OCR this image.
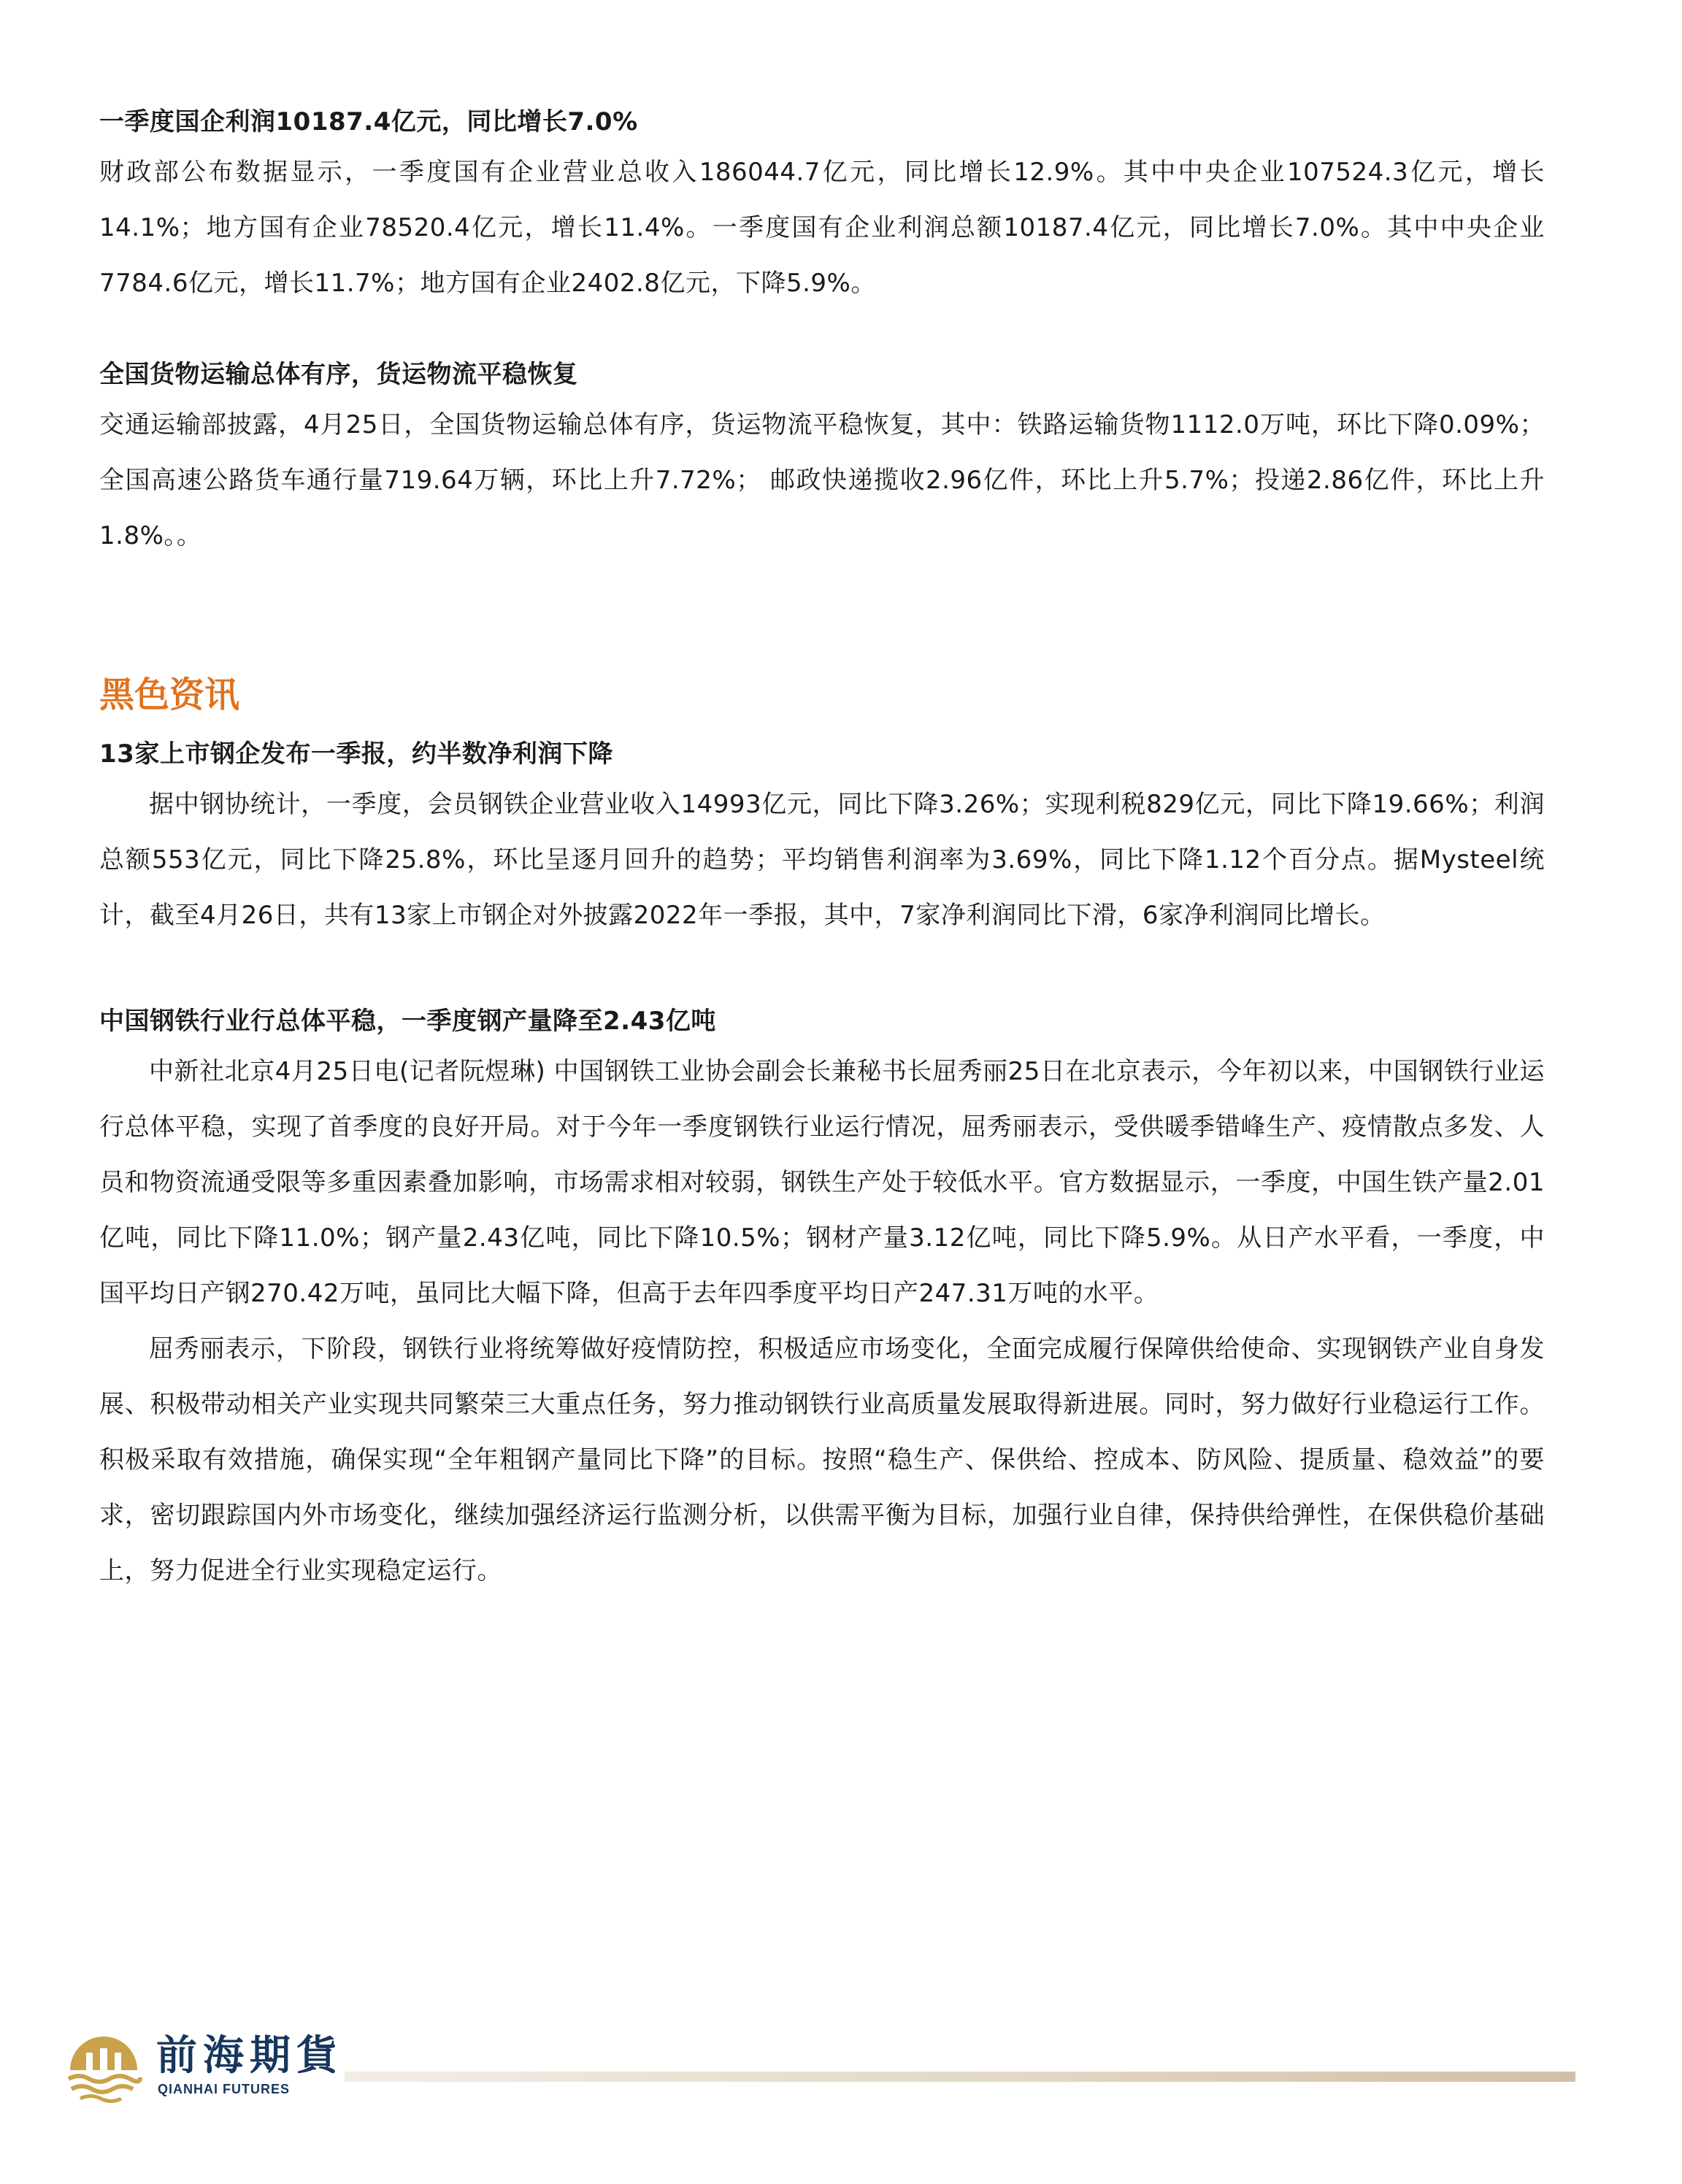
一季度国企利润10187.4亿元，同比增长7.0%

财政部公布数据显示，一季度国有企业营业总收入186044.7亿元，同比增长12.9%。其中中央企业107524.3亿元，增长14.1%；地方国有企业78520.4亿元，增长11.4%。一季度国有企业利润总额10187.4亿元，同比增长7.0%。其中中央企业7784.6亿元，增长11.7%；地方国有企业2402.8亿元，下降5.9%。

全国货物运输总体有序，货运物流平稳恢复

交通运输部披露，4月25日，全国货物运输总体有序，货运物流平稳恢复，其中：铁路运输货物1112.0万吨，环比下降0.09%；全国高速公路货车通行量719.64万辆，环比上升7.72%； 邮政快递揽收2.96亿件，环比上升5.7%；投递2.86亿件，环比上升1.8%。。

黑色资讯
13家上市钢企发布一季报，约半数净利润下降

据中钢协统计，一季度，会员钢铁企业营业收入14993亿元，同比下降3.26%；实现利税829亿元，同比下降19.66%；利润总额553亿元，同比下降25.8%，环比呈逐月回升的趋势；平均销售利润率为3.69%，同比下降1.12个百分点。据Mysteel统计，截至4月26日，共有13家上市钢企对外披露2022年一季报，其中，7家净利润同比下滑，6家净利润同比增长。

中国钢铁行业行总体平稳，一季度钢产量降至2.43亿吨

中新社北京4月25日电(记者阮煜琳) 中国钢铁工业协会副会长兼秘书长屈秀丽25日在北京表示，今年初以来，中国钢铁行业运行总体平稳，实现了首季度的良好开局。对于今年一季度钢铁行业运行情况，屈秀丽表示，受供暖季错峰生产、疫情散点多发、人员和物资流通受限等多重因素叠加影响，市场需求相对较弱，钢铁生产处于较低水平。官方数据显示，一季度，中国生铁产量2.01亿吨，同比下降11.0%；钢产量2.43亿吨，同比下降10.5%；钢材产量3.12亿吨，同比下降5.9%。从日产水平看，一季度，中国平均日产钢270.42万吨，虽同比大幅下降，但高于去年四季度平均日产247.31万吨的水平。

屈秀丽表示，下阶段，钢铁行业将统筹做好疫情防控，积极适应市场变化，全面完成履行保障供给使命、实现钢铁产业自身发展、积极带动相关产业实现共同繁荣三大重点任务，努力推动钢铁行业高质量发展取得新进展。同时，努力做好行业稳运行工作。积极采取有效措施，确保实现“全年粗钢产量同比下降”的目标。按照“稳生产、保供给、控成本、防风险、提质量、稳效益”的要求，密切跟踪国内外市场变化，继续加强经济运行监测分析，以供需平衡为目标，加强行业自律，保持供给弹性，在保供稳价基础上，努力促进全行业实现稳定运行。

前海期貨
QIANHAI FUTURES
